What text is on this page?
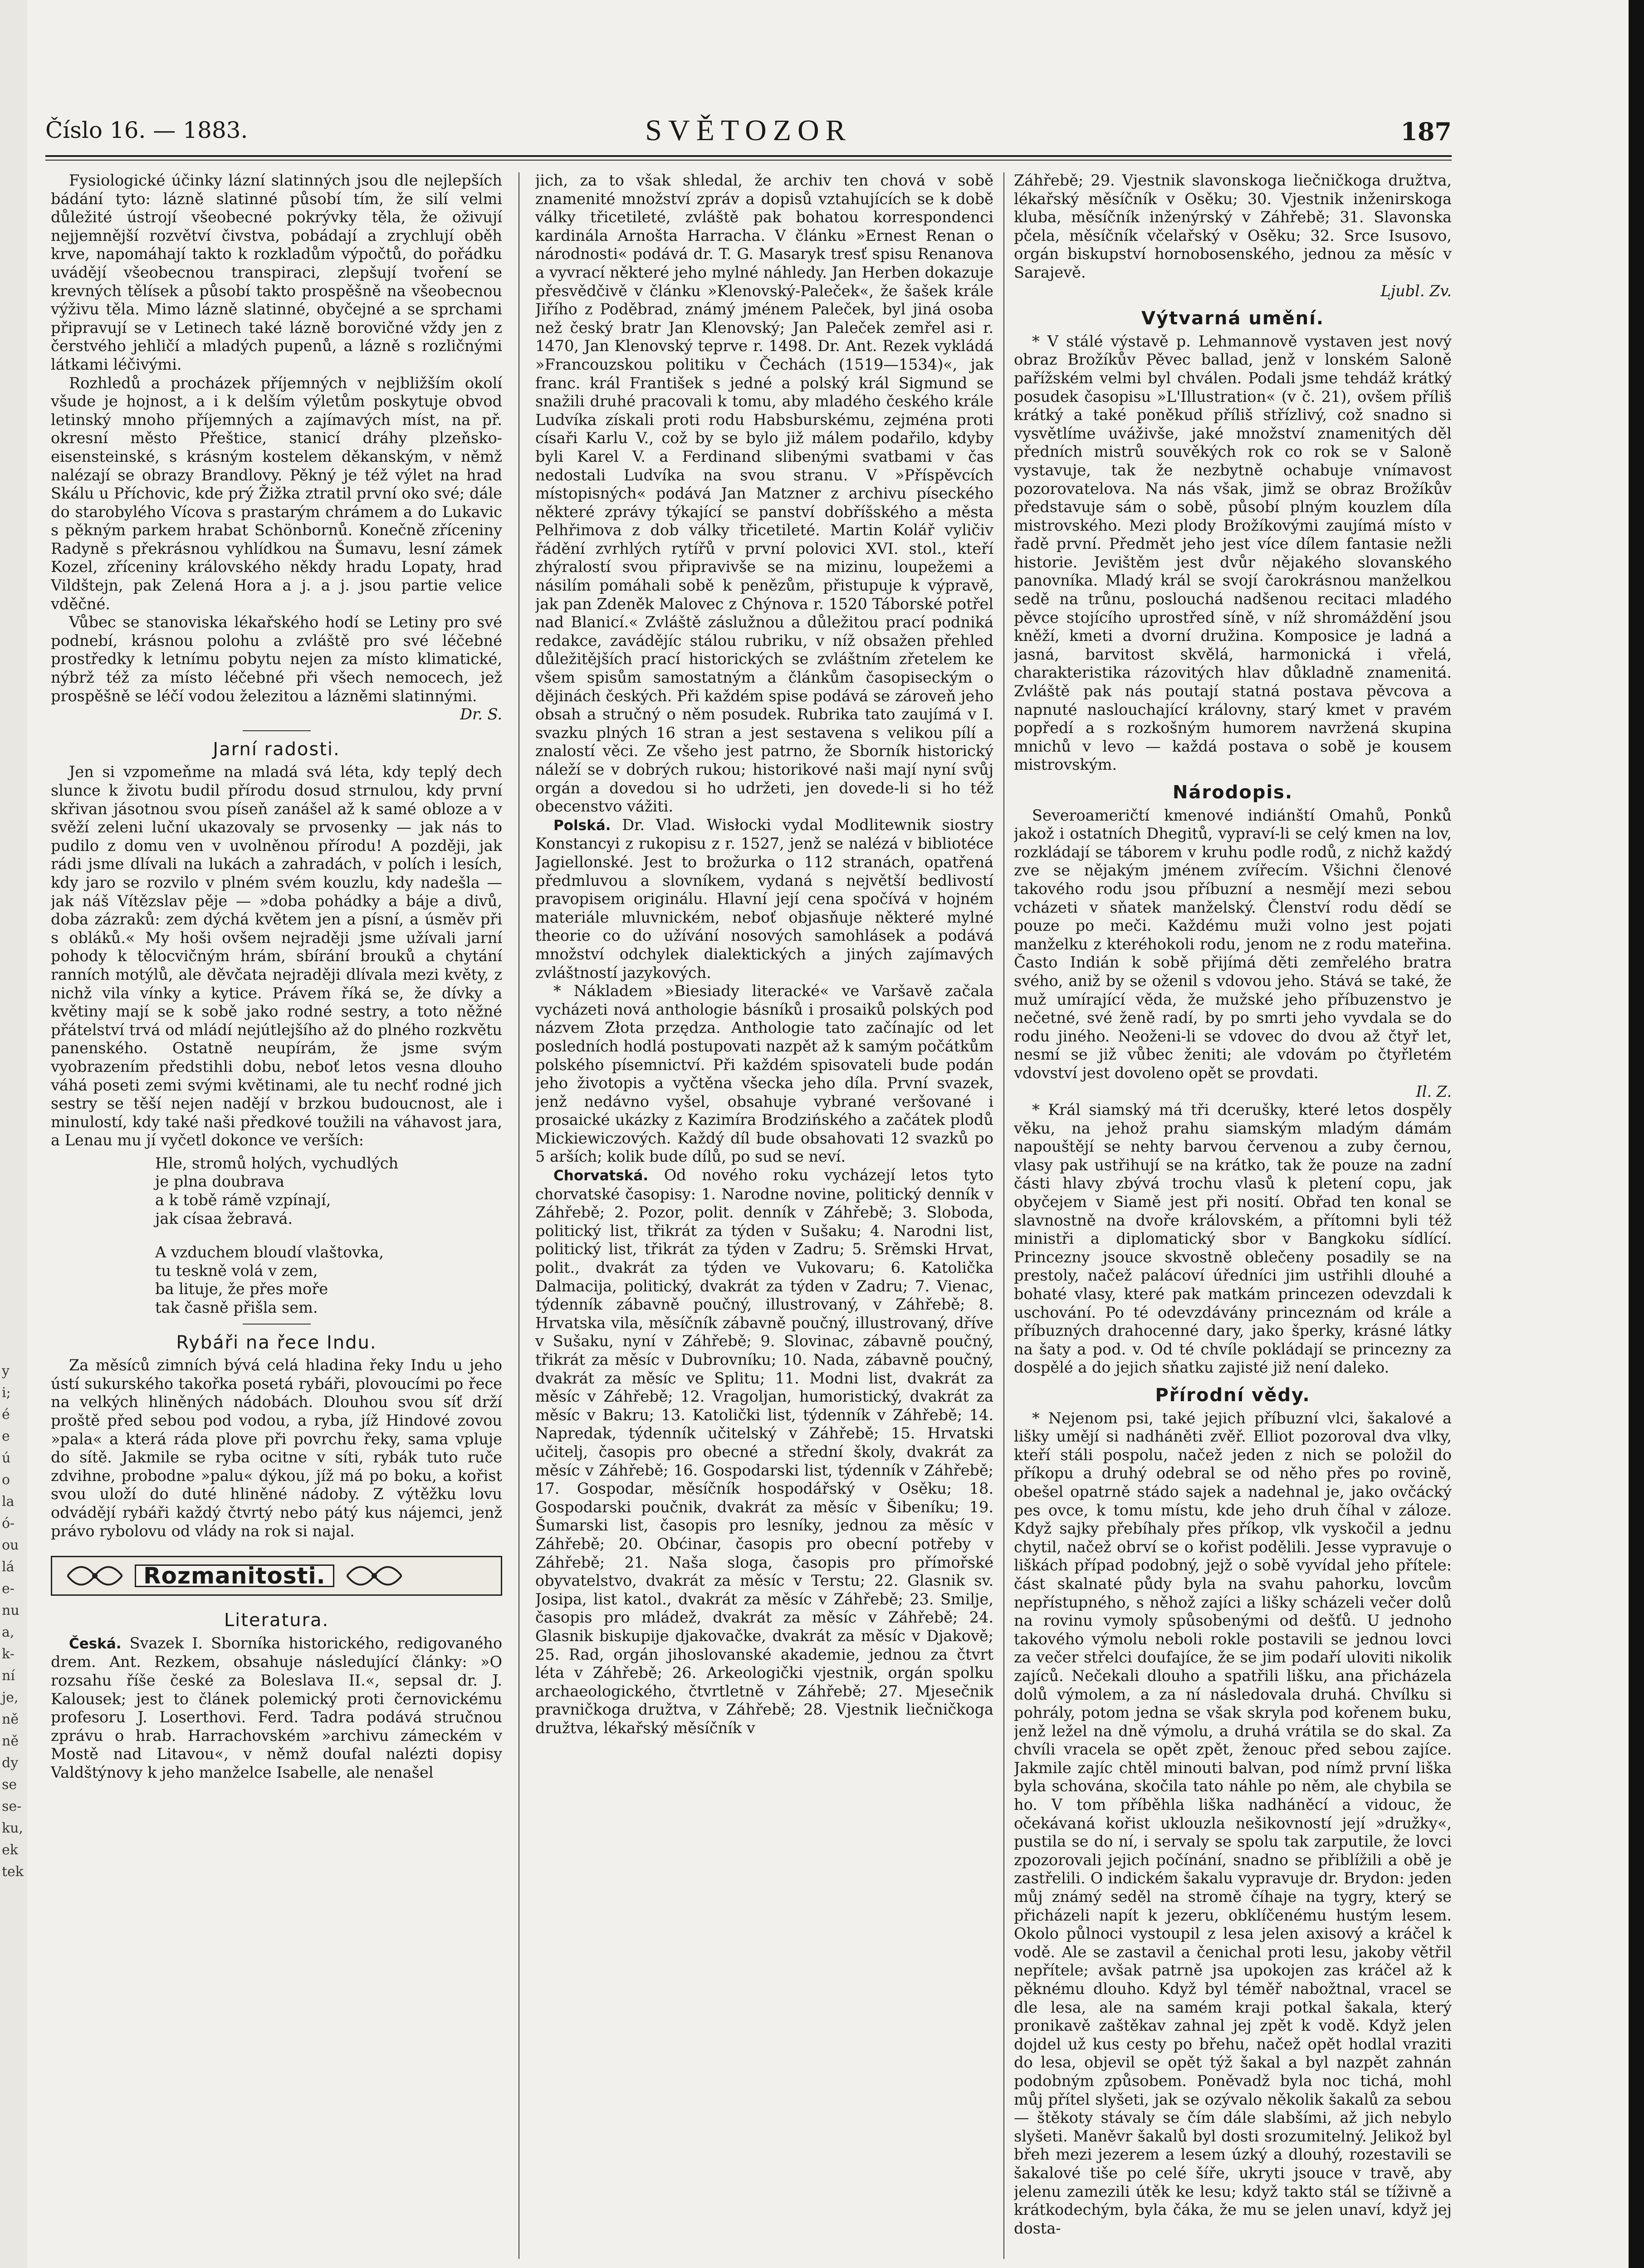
y
i;
é
e
ú
o
la
ó-
ou
lá
e-
nu
a,
k-
ní
je,
ně
ně
dy
se
se-
ku,
ek
tek
Číslo 16. — 1883.	SVĚTOZOR	187

Fysiologické účinky lázní slatinných jsou dle nejlepších bádání tyto: lázně slatinné působí tím, že silí velmi důležité ústrojí všeobecné pokrývky těla, že oživují nejjemnější rozvětví čivstva, pobádají a zrychlují oběh krve, napomáhají takto k rozkladům výpočtů, do pořádku uvádějí všeobecnou transpiraci, zlepšují tvoření se krevných tělísek a působí takto prospěšně na všeobecnou výživu těla. Mimo lázně slatinné, obyčejné a se sprchami připravují se v Letinech také lázně borovičné vždy jen z čerstvého jehličí a mladých pupenů, a lázně s rozličnými látkami léčivými.

Rozhledů a procházek příjemných v nejbližším okolí všude je hojnost, a i k delším výletům poskytuje obvod letinský mnoho příjemných a zajímavých míst, na př. okresní město Přeštice, stanicí dráhy plzeňsko-eisensteinské, s krásným kostelem děkanským, v němž nalézají se obrazy Brandlovy. Pěkný je též výlet na hrad Skálu u Příchovic, kde prý Žižka ztratil první oko své; dále do starobylého Vícova s prastarým chrámem a do Lukavic s pěkným parkem hrabat Schönbornů. Konečně zříceniny Radyně s překrásnou vyhlídkou na Šumavu, lesní zámek Kozel, zříceniny královského někdy hradu Lopaty, hrad Vildštejn, pak Zelená Hora a j. a j. jsou partie velice vděčné.

Vůbec se stanoviska lékařského hodí se Letiny pro své podnebí, krásnou polohu a zvláště pro své léčebné prostředky k letnímu pobytu nejen za místo klimatické, nýbrž též za místo léčebné při všech nemocech, jež prospěšně se léčí vodou železitou a lázněmi slatinnými.

Dr. S.

Jarní radosti.

Jen si vzpomeňme na mladá svá léta, kdy teplý dech slunce k životu budil přírodu dosud strnulou, kdy první skřivan jásotnou svou píseň zanášel až k samé obloze a v svěží zeleni luční ukazovaly se prvosenky — jak nás to pudilo z domu ven v uvolněnou přírodu! A později, jak rádi jsme dlívali na lukách a zahradách, v polích i lesích, kdy jaro se rozvilo v plném svém kouzlu, kdy nadešla — jak náš Vítězslav pěje — »doba pohádky a báje a divů, doba zázraků: zem dýchá květem jen a písní, a úsměv při s obláků.« My hoši ovšem nejraději jsme užívali jarní pohody k tělocvičným hrám, sbírání brouků a chytání ranních motýlů, ale děvčata nejraději dlívala mezi květy, z nichž vila vínky a kytice. Právem říká se, že dívky a květiny mají se k sobě jako rodné sestry, a toto něžné přátelství trvá od mládí nejútlejšího až do plného rozkvětu panenského. Ostatně neupírám, že jsme svým vyobrazením předstihli dobu, neboť letos vesna dlouho váhá poseti zemi svými květinami, ale tu nechť rodné jich sestry se těší nejen nadějí v brzkou budoucnost, ale i minulostí, kdy také naši předkové toužili na váhavost jara, a Lenau mu jí vyčetl dokonce ve verších:

Hle, stromů holých, vychudlých
je plna doubrava
a k tobě rámě vzpínají,
jak císaa žebravá.
A vzduchem bloudí vlaštovka,
tu teskně volá v zem,
ba lituje, že přes moře
tak časně přišla sem.
Rybáři na řece Indu.

Za měsíců zimních bývá celá hladina řeky Indu u jeho ústí sukurského takořka posetá rybáři, plovoucími po řece na velkých hliněných nádobách. Dlouhou svou síť drží proště před sebou pod vodou, a ryba, jíž Hindové zovou »pala« a která ráda plove při povrchu řeky, sama vpluje do sítě. Jakmile se ryba ocitne v síti, rybák tuto ruče zdvihne, probodne »palu« dýkou, jíž má po boku, a kořist svou uloží do duté hliněné nádoby. Z výtěžku lovu odvádějí rybáři každý čtvrtý nebo pátý kus nájemci, jenž právo rybolovu od vlády na rok si najal.

Rozmanitosti.
Literatura.

Česká. Svazek I. Sborníka historického, redigovaného drem. Ant. Rezkem, obsahuje následující články: »O rozsahu říše české za Boleslava II.«, sepsal dr. J. Kalousek; jest to článek polemický proti černovickému profesoru J. Loserthovi. Ferd. Tadra podává stručnou zprávu o hrab. Harrachovském »archivu zámeckém v Mostě nad Litavou«, v němž doufal nalézti dopisy Valdštýnovy k jeho manželce Isabelle, ale nenašel

jich, za to však shledal, že archiv ten chová v sobě znamenité množství zpráv a dopisů vztahujících se k době války třicetileté, zvláště pak bohatou korrespondenci kardinála Arnošta Harracha. V článku »Ernest Renan o národnosti« podává dr. T. G. Masaryk tresť spisu Renanova a vyvrací některé jeho mylné náhledy. Jan Herben dokazuje přesvědčivě v článku »Klenovský-Paleček«, že šašek krále Jiřího z Poděbrad, známý jménem Paleček, byl jiná osoba než český bratr Jan Klenovský; Jan Paleček zemřel asi r. 1470, Jan Klenovský teprve r. 1498. Dr. Ant. Rezek vykládá »Francouzskou politiku v Čechách (1519—1534)«, jak franc. král František s jedné a polský král Sigmund se snažili druhé pracovali k tomu, aby mladého českého krále Ludvíka získali proti rodu Habsburskému, zejména proti císaři Karlu V., což by se bylo již málem podařilo, kdyby byli Karel V. a Ferdinand slibenými svatbami v čas nedostali Ludvíka na svou stranu. V »Příspěvcích místopisných« podává Jan Matzner z archivu píseckého některé zprávy týkající se panství dobříšského a města Pelhřimova z dob války třicetileté. Martin Kolář vyličiv řádění zvrhlých rytířů v první polovici XVI. stol., kteří zhýralostí svou připravivše se na mizinu, loupežemi a násilím pomáhali sobě k penězům, přistupuje k výpravě, jak pan Zdeněk Malovec z Chýnova r. 1520 Táborské potřel nad Blanicí.« Zvláště záslužnou a důležitou prací podniká redakce, zavádějíc stálou rubriku, v níž obsažen přehled důležitějších prací historických se zvláštním zřetelem ke všem spisům samostatným a článkům časopiseckým o dějinách českých. Při každém spise podává se zároveň jeho obsah a stručný o něm posudek. Rubrika tato zaujímá v I. svazku plných 16 stran a jest sestavena s velikou pílí a znalostí věci. Ze všeho jest patrno, že Sborník historický náleží se v dobrých rukou; historikové naši mají nyní svůj orgán a dovedou si ho udržeti, jen dovede-li si ho též obecenstvo vážiti.

Polská. Dr. Vlad. Wisłocki vydal Modlitewnik siostry Konstancyi z rukopisu z r. 1527, jenž se nalézá v bibliotéce Jagiellonské. Jest to brožurka o 112 stranách, opatřená předmluvou a slovníkem, vydaná s největší bedlivostí pravopisem originálu. Hlavní její cena spočívá v hojném materiále mluvnickém, neboť objasňuje některé mylné theorie co do užívání nosových samohlásek a podává množství odchylek dialektických a jiných zajímavých zvláštností jazykových.

* Nákladem »Biesiady literacké« ve Varšavě začala vycházeti nová anthologie básníků i prosaiků polských pod názvem Złota przędza. Anthologie tato začínajíc od let posledních hodlá postupovati nazpět až k samým počátkům polského písemnictví. Při každém spisovateli bude podán jeho životopis a vyčtěna všecka jeho díla. První svazek, jenž nedávno vyšel, obsahuje vybrané veršované i prosaické ukázky z Kazimíra Brodzińského a začátek plodů Mickiewiczových. Každý díl bude obsahovati 12 svazků po 5 arších; kolik bude dílů, po sud se neví.

Chorvatská. Od nového roku vycházejí letos tyto chorvatské časopisy: 1. Narodne novine, politický denník v Záhřebě; 2. Pozor, polit. denník v Záhřebě; 3. Sloboda, politický list, třikrát za týden v Sušaku; 4. Narodni list, politický list, třikrát za týden v Zadru; 5. Srěmski Hrvat, polit., dvakrát za týden ve Vukovaru; 6. Katolička Dalmacija, politický, dvakrát za týden v Zadru; 7. Vienac, týdenník zábavně poučný, illustrovaný, v Záhřebě; 8. Hrvatska vila, měsíčník zábavně poučný, illustrovaný, dříve v Sušaku, nyní v Záhřebě; 9. Slovinac, zábavně poučný, třikrát za měsíc v Dubrovníku; 10. Nada, zábavně poučný, dvakrát za měsíc ve Splitu; 11. Modni list, dvakrát za měsíc v Záhřebě; 12. Vragoljan, humoristický, dvakrát za měsíc v Bakru; 13. Katolički list, týdenník v Záhřebě; 14. Napredak, týdenník učitelský v Záhřebě; 15. Hrvatski učitelj, časopis pro obecné a střední školy, dvakrát za měsíc v Záhřebě; 16. Gospodarski list, týdenník v Záhřebě; 17. Gospodar, měsíčník hospodářský v Osěku; 18. Gospodarski poučnik, dvakrát za měsíc v Šibeníku; 19. Šumarski list, časopis pro lesníky, jednou za měsíc v Záhřebě; 20. Obćinar, časopis pro obecní potřeby v Záhřebě; 21. Naša sloga, časopis pro přímořské obyvatelstvo, dvakrát za měsíc v Terstu; 22. Glasnik sv. Josipa, list katol., dvakrát za měsíc v Záhřebě; 23. Smilje, časopis pro mládež, dvakrát za měsíc v Záhřebě; 24. Glasnik biskupije djakovačke, dvakrát za měsíc v Djakově; 25. Rad, orgán jihoslovanské akademie, jednou za čtvrt léta v Záhřebě; 26. Arkeologički vjestnik, orgán spolku archaeologického, čtvrtletně v Záhřebě; 27. Mjesečnik pravničkoga družtva, v Záhřebě; 28. Vjestnik liečničkoga družtva, lékařský měsíčník v

Záhřebě; 29. Vjestnik slavonskoga liečničkoga družtva, lékařský měsíčník v Osěku; 30. Vjestnik inženirskoga kluba, měsíčník inženýrský v Záhřebě; 31. Slavonska pčela, měsíčník včelařský v Osěku; 32. Srce Isusovo, orgán biskupství hornobosenského, jednou za měsíc v Sarajevě.

Ljubl. Zv.

Výtvarná umění.

* V stálé výstavě p. Lehmannově vystaven jest nový obraz Brožíkův Pěvec ballad, jenž v lonském Saloně pařížském velmi byl chválen. Podali jsme tehdáž krátký posudek časopisu »L'Illustration« (v č. 21), ovšem příliš krátký a také poněkud příliš střízlivý, což snadno si vysvětlíme uváživše, jaké množství znamenitých děl předních mistrů souvěkých rok co rok se v Saloně vystavuje, tak že nezbytně ochabuje vnímavost pozorovatelova. Na nás však, jimž se obraz Brožíkův představuje sám o sobě, působí plným kouzlem díla mistrovského. Mezi plody Brožíkovými zaujímá místo v řadě první. Předmět jeho jest více dílem fantasie nežli historie. Jevištěm jest dvůr nějakého slovanského panovníka. Mladý král se svojí čarokrásnou manželkou sedě na trůnu, poslouchá nadšenou recitaci mladého pěvce stojícího uprostřed síně, v níž shromáždění jsou kněží, kmeti a dvorní družina. Komposice je ladná a jasná, barvitost skvělá, harmonická i vřelá, charakteristika rázovitých hlav důkladně znamenitá. Zvláště pak nás poutají statná postava pěvcova a napnuté naslouchající královny, starý kmet v pravém popředí a s rozkošným humorem navržená skupina mnichů v levo — každá postava o sobě je kousem mistrovským.

Národopis.

Severoameričtí kmenové indiánští Omahů, Ponků jakož i ostatních Dhegitů, vypraví-li se celý kmen na lov, rozkládají se táborem v kruhu podle rodů, z nichž každý zve se nějakým jménem zvířecím. Všichni členové takového rodu jsou příbuzní a nesmějí mezi sebou vcházeti v sňatek manželský. Členství rodu dědí se pouze po meči. Každému muži volno jest pojati manželku z kteréhokoli rodu, jenom ne z rodu mateřina. Často Indián k sobě přijímá děti zemřelého bratra svého, aniž by se oženil s vdovou jeho. Stává se také, že muž umírající věda, že mužské jeho příbuzenstvo je nečetné, své ženě radí, by po smrti jeho vyvdala se do rodu jiného. Neoženi-li se vdovec do dvou až čtyř let, nesmí se již vůbec ženiti; ale vdovám po čtyřletém vdovství jest dovoleno opět se provdati.

Il. Z.

* Král siamský má tři dcerušky, které letos dospěly věku, na jehož prahu siamským mladým dámám napouštějí se nehty barvou červenou a zuby černou, vlasy pak ustřihují se na krátko, tak že pouze na zadní části hlavy zbývá trochu vlasů k pletení copu, jak obyčejem v Siamě jest při nosití. Obřad ten konal se slavnostně na dvoře královském, a přítomni byli též ministři a diplomatický sbor v Bangkoku sídlící. Princezny jsouce skvostně oblečeny posadily se na prestoly, načež palácoví úředníci jim ustřihli dlouhé a bohaté vlasy, které pak matkám princezen odevzdali k uschování. Po té odevzdávány princeznám od krále a příbuzných drahocenné dary, jako šperky, krásné látky na šaty a pod. v. Od té chvíle pokládají se princezny za dospělé a do jejich sňatku zajisté již není daleko.

Přírodní vědy.

* Nejenom psi, také jejich příbuzní vlci, šakalové a lišky umějí si nadháněti zvěř. Elliot pozoroval dva vlky, kteří stáli pospolu, načež jeden z nich se položil do příkopu a druhý odebral se od něho přes po rovině, obešel opatrně stádo sajek a nadehnal je, jako ovčácký pes ovce, k tomu místu, kde jeho druh číhal v záloze. Když sajky přebíhaly přes příkop, vlk vyskočil a jednu chytil, načež obrví se o kořist podělili. Jesse vypravuje o liškách případ podobný, jejž o sobě vyvídal jeho přítele: část skalnaté půdy byla na svahu pahorku, lovcům nepřístupného, s něhož zajíci a lišky scházeli večer dolů na rovinu vymoly spůsobenými od dešťů. U jednoho takového výmolu neboli rokle postavili se jednou lovci za večer střelci doufajíce, že se jim podaří uloviti nikolik zajíců. Nečekali dlouho a spatřili lišku, ana přicházela dolů výmolem, a za ní následovala druhá. Chvílku si pohrály, potom jedna se však skryla pod kořenem buku, jenž ležel na dně výmolu, a druhá vrátila se do skal. Za chvíli vracela se opět zpět, ženouc před sebou zajíce. Jakmile zajíc chtěl minouti balvan, pod nímž první liška byla schována, skočila tato náhle po něm, ale chybila se ho. V tom příběhla liška nadháněcí a vidouc, že očekávaná kořist uklouzla nešikovností její »družky«, pustila se do ní, i servaly se spolu tak zarputile, že lovci zpozorovali jejich počínání, snadno se přiblížili a obě je zastřelili. O indickém šakalu vypravuje dr. Brydon: jeden můj známý seděl na stromě číhaje na tygry, který se přicházeli napít k jezeru, obklíčenému hustým lesem. Okolo půlnoci vystoupil z lesa jelen axisový a kráčel k vodě. Ale se zastavil a čenichal proti lesu, jakoby větřil nepřítele; avšak patrně jsa upokojen zas kráčel až k pěknému dlouho. Když byl téměř nabožtnal, vracel se dle lesa, ale na samém kraji potkal šakala, který pronikavě zaštěkav zahnal jej zpět k vodě. Když jelen dojdel už kus cesty po břehu, načež opět hodlal vraziti do lesa, objevil se opět týž šakal a byl nazpět zahnán podobným způsobem. Poněvadž byla noc tichá, mohl můj přítel slyšeti, jak se ozývalo několik šakalů za sebou — štěkoty stávaly se čím dále slabšími, až jich nebylo slyšeti. Maněvr šakalů byl dosti srozumitelný. Jelikož byl břeh mezi jezerem a lesem úzký a dlouhý, rozestavili se šakalové tiše po celé šíře, ukryti jsouce v travě, aby jelenu zamezili útěk ke lesu; když takto stál se tíživně a krátkodechým, byla čáka, že mu se jelen unaví, když jej dosta-
